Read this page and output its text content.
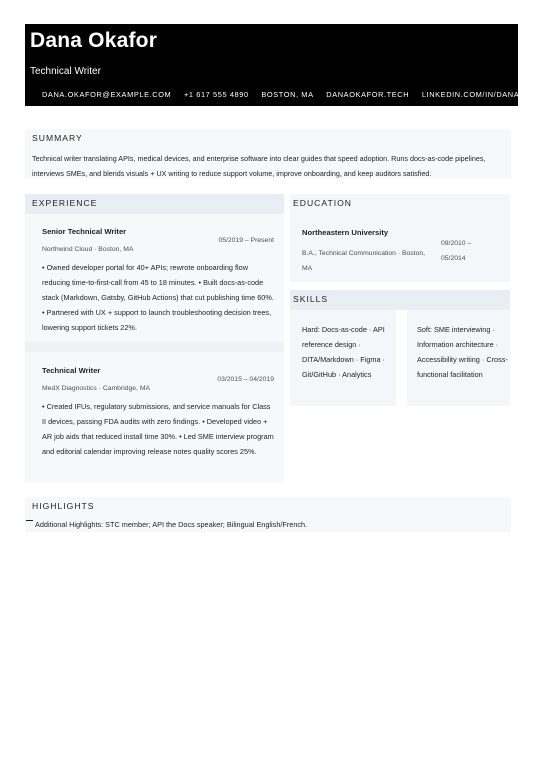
Dana Okafor
Technical Writer
DANA.OKAFOR@EXAMPLE.COM +1 617 555 4890 BOSTON, MA DANAOKAFOR.TECH LINKEDIN.COM/IN/DANA-OKAFOR
SUMMARY
Technical writer translating APIs, medical devices, and enterprise software into clear guides that speed adoption. Runs docs-as-code pipelines, interviews SMEs, and blends visuals + UX writing to reduce support volume, improve onboarding, and keep auditors satisfied.
EXPERIENCE
Senior Technical Writer
05/2019 – Present
Northwind Cloud · Boston, MA
• Owned developer portal for 40+ APIs; rewrote onboarding flow reducing time-to-first-call from 45 to 18 minutes. • Built docs-as-code stack (Markdown, Gatsby, GitHub Actions) that cut publishing time 60%. • Partnered with UX + support to launch troubleshooting decision trees, lowering support tickets 22%.
Technical Writer
03/2015 – 04/2019
MedX Diagnostics · Cambridge, MA
• Created IFUs, regulatory submissions, and service manuals for Class II devices, passing FDA audits with zero findings. • Developed video + AR job aids that reduced install time 30%. • Led SME interview program and editorial calendar improving release notes quality scores 25%.
EDUCATION
Northeastern University
B.A., Technical Communication · Boston, MA
09/2010 – 05/2014
SKILLS
Hard: Docs-as-code · API reference design · DITA/Markdown · Figma · Git/GitHub · Analytics
Soft: SME interviewing · Information architecture · Accessibility writing · Cross-functional facilitation
HIGHLIGHTS
Additional Highlights: STC member; API the Docs speaker; Bilingual English/French.
